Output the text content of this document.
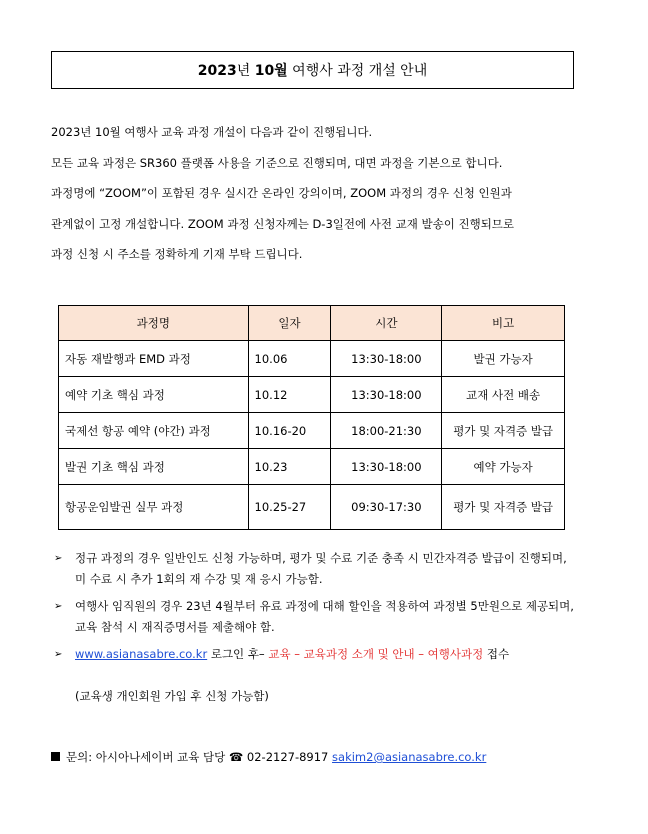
2023년 10월 여행사 과정 개설 안내

2023년 10월 여행사 교육 과정 개설이 다음과 같이 진행됩니다.

모든 교육 과정은 SR360 플랫폼 사용을 기준으로 진행되며, 대면 과정을 기본으로 합니다.

과정명에 “ZOOM”이 포함된 경우 실시간 온라인 강의이며, ZOOM 과정의 경우 신청 인원과

관계없이 고정 개설합니다. ZOOM 과정 신청자께는 D-3일전에 사전 교재 발송이 진행되므로

과정 신청 시 주소를 정확하게 기재 부탁 드립니다.

과정명	일자	시간	비고
자동 재발행과 EMD 과정	10.06	13:30-18:00	발권 가능자
예약 기초 핵심 과정	10.12	13:30-18:00	교재 사전 배송
국제선 항공 예약 (야간) 과정	10.16-20	18:00-21:30	평가 및 자격증 발급
발권 기초 핵심 과정	10.23	13:30-18:00	예약 가능자
항공운임발권 실무 과정	10.25-27	09:30-17:30	평가 및 자격증 발급
➢ 정규 과정의 경우 일반인도 신청 가능하며, 평가 및 수료 기준 충족 시 민간자격증 발급이 진행되며, 미 수료 시 추가 1회의 재 수강 및 재 응시 가능함.
➢ 여행사 임직원의 경우 23년 4월부터 유료 과정에 대해 할인을 적용하여 과정별 5만원으로 제공되며, 교육 참석 시 재직증명서를 제출해야 함.
➢ www.asianasabre.co.kr 로그인 후– 교육 – 교육과정 소개 및 안내 – 여행사과정 접수
(교육생 개인회원 가입 후 신청 가능함)
문의: 아시아나세이버 교육 담당 ☎ 02-2127-8917 sakim2@asianasabre.co.kr
